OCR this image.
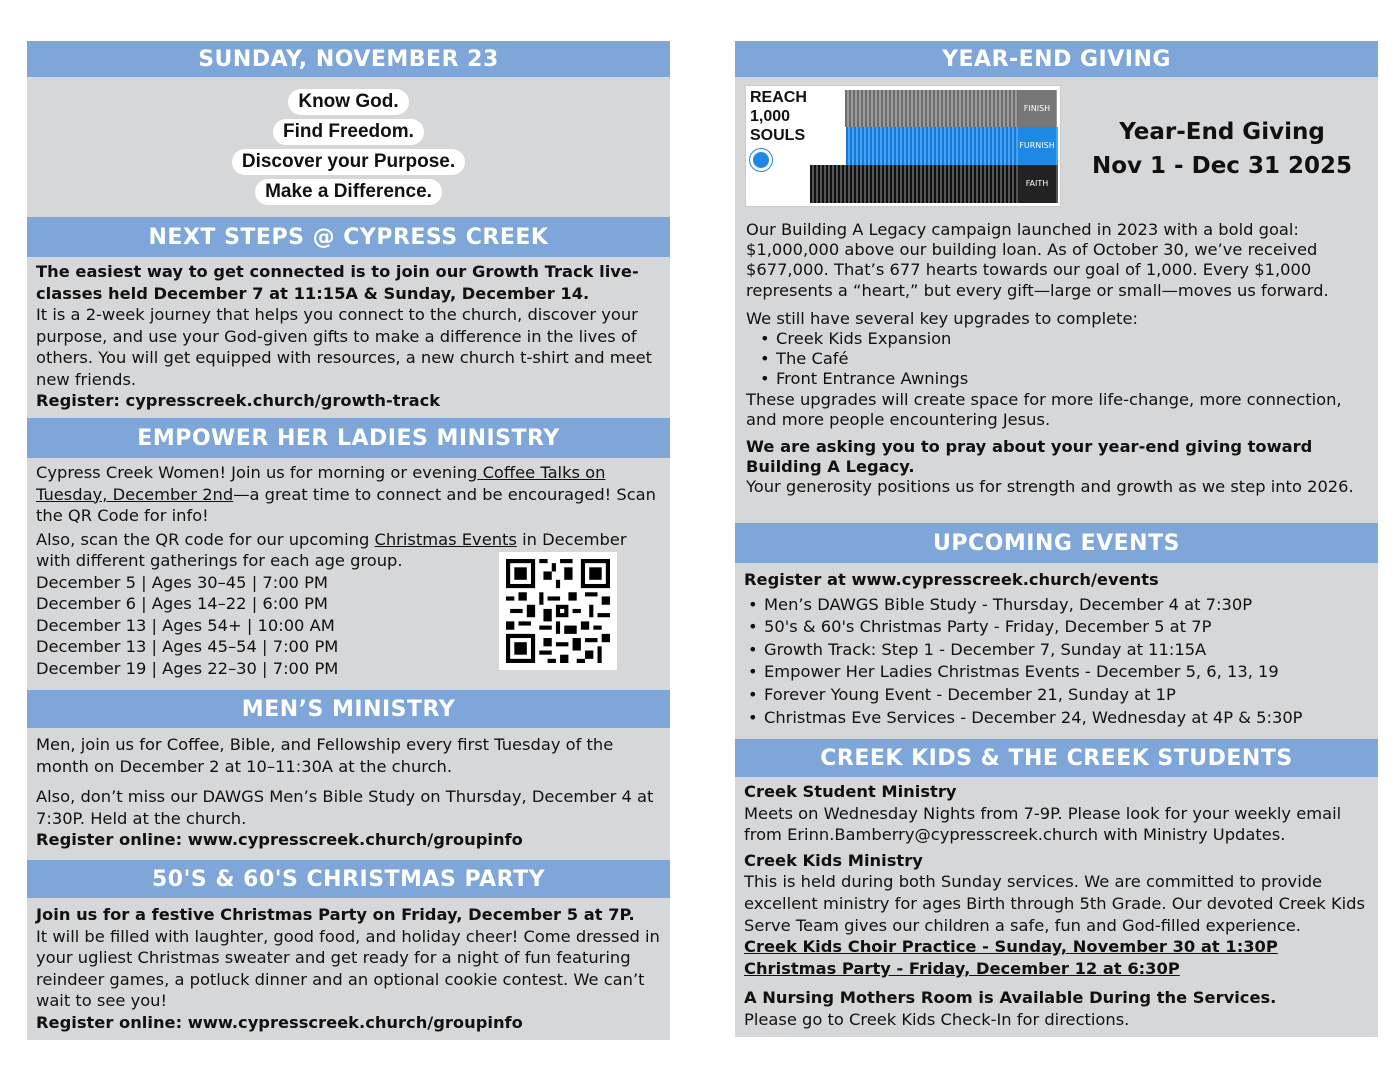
SUNDAY, NOVEMBER 23
Know God.
Find Freedom.
Discover your Purpose.
Make a Difference.
NEXT STEPS @ CYPRESS CREEK

The easiest way to get connected is to join our Growth Track live-classes held December 7 at 11:15A & Sunday, December 14.

It is a 2-week journey that helps you connect to the church, discover your purpose, and use your God-given gifts to make a difference in the lives of others. You will get equipped with resources, a new church t-shirt and meet new friends.

Register: cypresscreek.church/growth-track

EMPOWER HER LADIES MINISTRY

Cypress Creek Women! Join us for morning or evening Coffee Talks on Tuesday, December 2nd—a great time to connect and be encouraged! Scan the QR Code for info!

Also, scan the QR code for our upcoming Christmas Events in December with different gatherings for each age group.

December 5 | Ages 30–45 | 7:00 PM

December 6 | Ages 14–22 | 6:00 PM

December 13 | Ages 54+ | 10:00 AM

December 13 | Ages 45–54 | 7:00 PM

December 19 | Ages 22–30 | 7:00 PM

MEN’S MINISTRY

Men, join us for Coffee, Bible, and Fellowship every first Tuesday of the month on December 2 at 10–11:30A at the church.

Also, don’t miss our DAWGS Men’s Bible Study on Thursday, December 4 at 7:30P. Held at the church.

Register online: www.cypresscreek.church/groupinfo

50'S & 60'S CHRISTMAS PARTY

Join us for a festive Christmas Party on Friday, December 5 at 7P.

It will be filled with laughter, good food, and holiday cheer! Come dressed in your ugliest Christmas sweater and get ready for a night of fun featuring reindeer games, a potluck dinner and an optional cookie contest. We can’t wait to see you!

Register online: www.cypresscreek.church/groupinfo

YEAR-END GIVING
REACH
1,000
SOULS
FINISH
FURNISH
FAITH
Year-End Giving
Nov 1 - Dec 31 2025

Our Building A Legacy campaign launched in 2023 with a bold goal: $1,000,000 above our building loan. As of October 30, we’ve received $677,000. That’s 677 hearts towards our goal of 1,000. Every $1,000 represents a “heart,” but every gift—large or small—moves us forward.

We still have several key upgrades to complete:

• Creek Kids Expansion
• The Café
• Front Entrance Awnings

These upgrades will create space for more life-change, more connection, and more people encountering Jesus.

We are asking you to pray about your year-end giving toward Building A Legacy.

Your generosity positions us for strength and growth as we step into 2026.

UPCOMING EVENTS

Register at www.cypresscreek.church/events

• Men’s DAWGS Bible Study - Thursday, December 4 at 7:30P
• 50's & 60's Christmas Party - Friday, December 5 at 7P
• Growth Track: Step 1 - December 7, Sunday at 11:15A
• Empower Her Ladies Christmas Events - December 5, 6, 13, 19
• Forever Young Event - December 21, Sunday at 1P
• Christmas Eve Services - December 24, Wednesday at 4P & 5:30P
CREEK KIDS & THE CREEK STUDENTS

Creek Student Ministry

Meets on Wednesday Nights from 7-9P. Please look for your weekly email from Erinn.Bamberry@cypresscreek.church with Ministry Updates.

Creek Kids Ministry

This is held during both Sunday services. We are committed to provide excellent ministry for ages Birth through 5th Grade. Our devoted Creek Kids Serve Team gives our children a safe, fun and God-filled experience.

Creek Kids Choir Practice - Sunday, November 30 at 1:30P

Christmas Party - Friday, December 12 at 6:30P

A Nursing Mothers Room is Available During the Services.

Please go to Creek Kids Check-In for directions.
